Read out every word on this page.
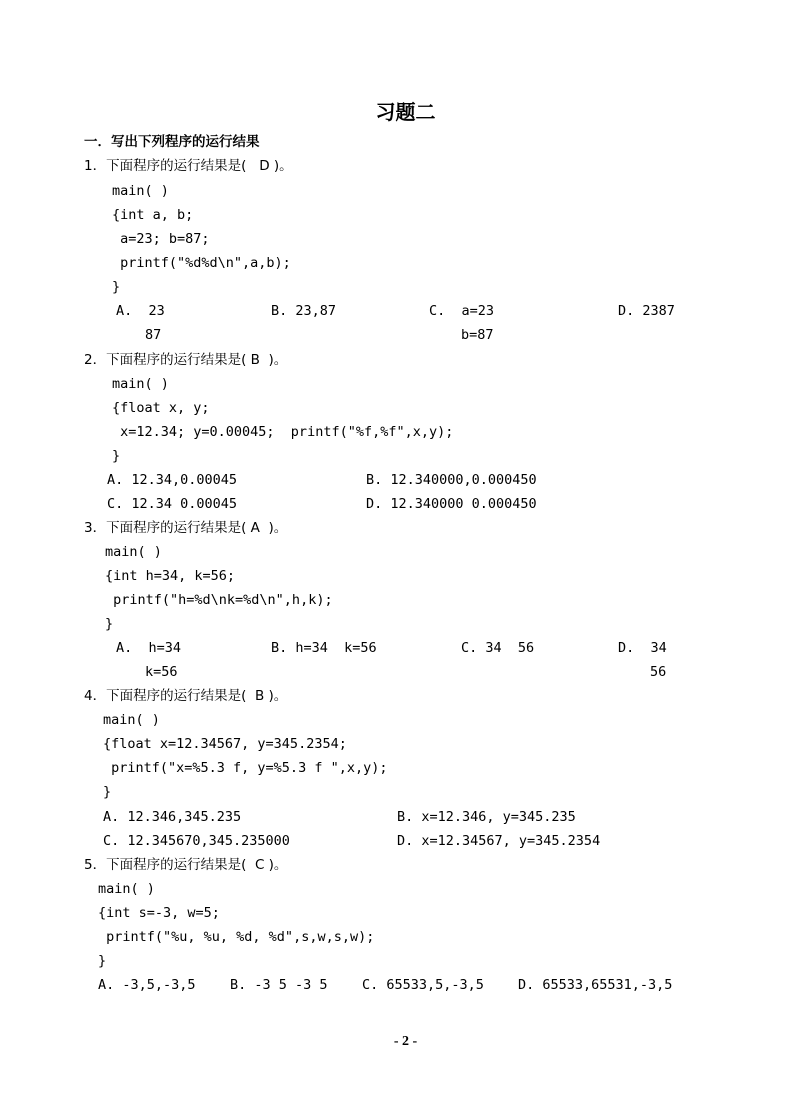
习题二
一．写出下列程序的运行结果
1．下面程序的运行结果是(   D )。
main( )
{int a, b;
a=23; b=87;
printf("%d%d\n",a,b);
}
A.  23
87
B. 23,87	C.  a=23
b=87
D. 2387
2．下面程序的运行结果是( B  )。
main( )
{float x, y;
x=12.34; y=0.00045;  printf("%f,%f",x,y);
}
A. 12.34,0.00045	B. 12.340000,0.000450
C. 12.34 0.00045	D. 12.340000 0.000450
3．下面程序的运行结果是( A  )。
main( )
{int h=34, k=56;
printf("h=%d\nk=%d\n",h,k);
}
A.  h=34
k=56
B. h=34  k=56	C. 34  56	D.  34
56
4．下面程序的运行结果是(  B )。
main( )
{float x=12.34567, y=345.2354;
printf("x=%5.3 f, y=%5.3 f ",x,y);
}
A. 12.346,345.235	B. x=12.346, y=345.235
C. 12.345670,345.235000	D. x=12.34567, y=345.2354
5．下面程序的运行结果是(  C )。
main( )
{int s=-3, w=5;
printf("%u, %u, %d, %d",s,w,s,w);
}
A. -3,5,-3,5	B. -3 5 -3 5	C. 65533,5,-3,5	D. 65533,65531,-3,5
- 2 -
